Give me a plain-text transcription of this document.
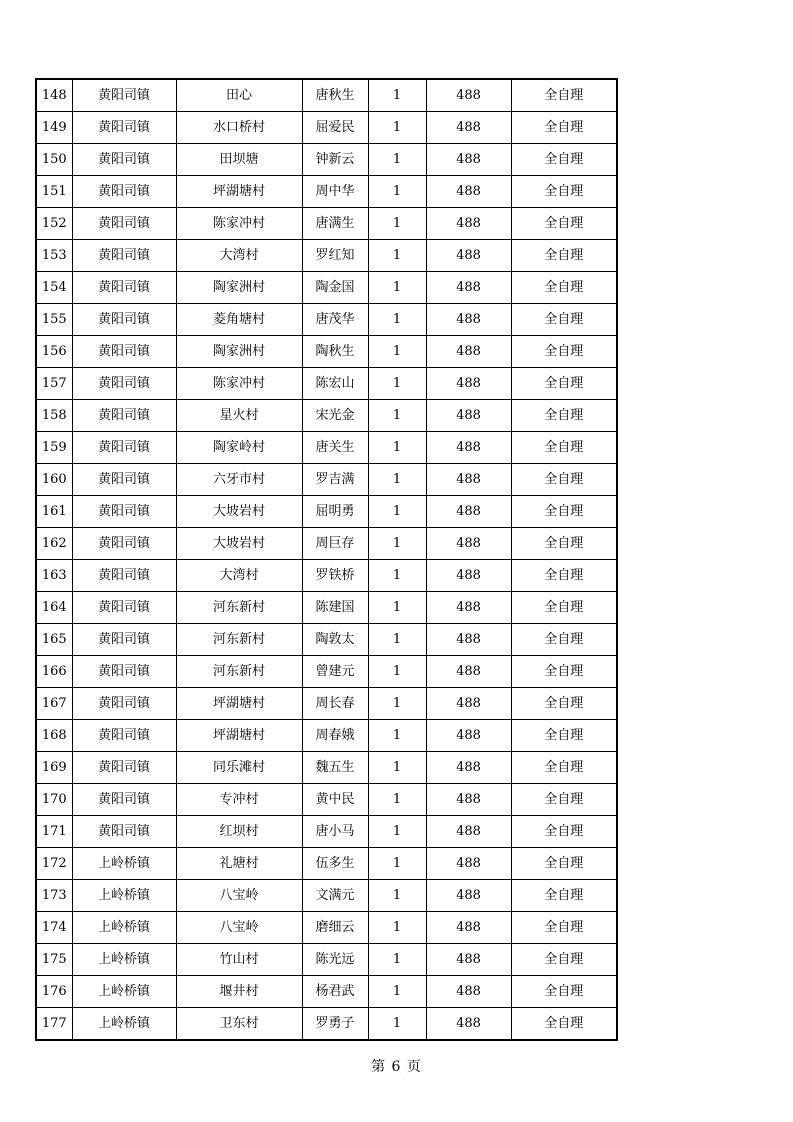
148	黄阳司镇	田心	唐秋生	1	488	全自理
149	黄阳司镇	水口桥村	屈爱民	1	488	全自理
150	黄阳司镇	田坝塘	钟新云	1	488	全自理
151	黄阳司镇	坪湖塘村	周中华	1	488	全自理
152	黄阳司镇	陈家冲村	唐满生	1	488	全自理
153	黄阳司镇	大湾村	罗红知	1	488	全自理
154	黄阳司镇	陶家洲村	陶金国	1	488	全自理
155	黄阳司镇	菱角塘村	唐茂华	1	488	全自理
156	黄阳司镇	陶家洲村	陶秋生	1	488	全自理
157	黄阳司镇	陈家冲村	陈宏山	1	488	全自理
158	黄阳司镇	星火村	宋光金	1	488	全自理
159	黄阳司镇	陶家岭村	唐关生	1	488	全自理
160	黄阳司镇	六牙市村	罗吉满	1	488	全自理
161	黄阳司镇	大坡岩村	屈明勇	1	488	全自理
162	黄阳司镇	大坡岩村	周巨存	1	488	全自理
163	黄阳司镇	大湾村	罗铁桥	1	488	全自理
164	黄阳司镇	河东新村	陈建国	1	488	全自理
165	黄阳司镇	河东新村	陶敦太	1	488	全自理
166	黄阳司镇	河东新村	曾建元	1	488	全自理
167	黄阳司镇	坪湖塘村	周长春	1	488	全自理
168	黄阳司镇	坪湖塘村	周春娥	1	488	全自理
169	黄阳司镇	同乐滩村	魏五生	1	488	全自理
170	黄阳司镇	专冲村	黄中民	1	488	全自理
171	黄阳司镇	红坝村	唐小马	1	488	全自理
172	上岭桥镇	礼塘村	伍多生	1	488	全自理
173	上岭桥镇	八宝岭	文满元	1	488	全自理
174	上岭桥镇	八宝岭	磨细云	1	488	全自理
175	上岭桥镇	竹山村	陈光远	1	488	全自理
176	上岭桥镇	堰井村	杨君武	1	488	全自理
177	上岭桥镇	卫东村	罗勇子	1	488	全自理
第 6 页
